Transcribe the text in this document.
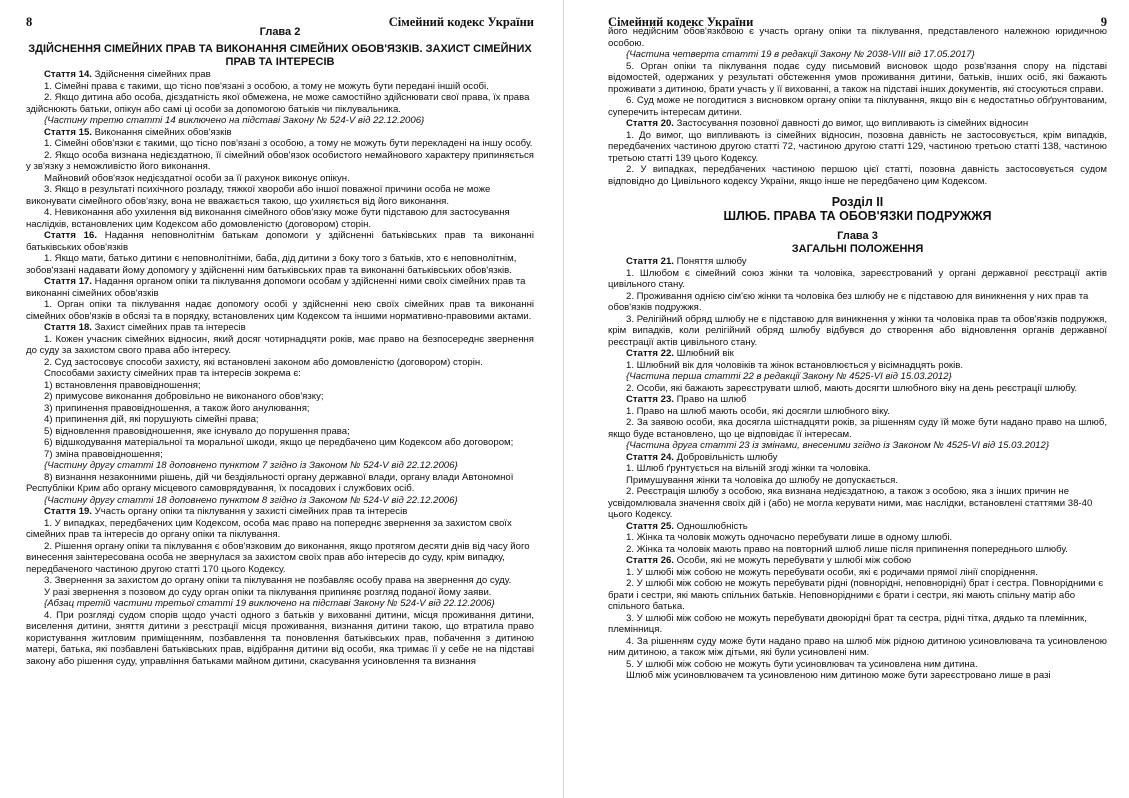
8	Сімейний кодекс України

Глава 2

ЗДІЙСНЕННЯ СІМЕЙНИХ ПРАВ ТА ВИКОНАННЯ СІМЕЙНИХ ОБОВ'ЯЗКІВ. ЗАХИСТ СІМЕЙНИХ ПРАВ ТА ІНТЕРЕСІВ

Стаття 14. Здійснення сімейних прав

1. Сімейні права є такими, що тісно пов'язані з особою, а тому не можуть бути передані іншій особі.

2. Якщо дитина або особа, дієздатність якої обмежена, не може самостійно здійснювати свої права, їх права здійснюють батьки, опікун або самі ці особи за допомогою батьків чи піклувальника.

{Частину третю статті 14 виключено на підставі Закону № 524-V від 22.12.2006}

Стаття 15. Виконання сімейних обов'язків

1. Сімейні обов'язки є такими, що тісно пов'язані з особою, а тому не можуть бути перекладені на іншу особу.

2. Якщо особа визнана недієздатною, її сімейний обов'язок особистого немайнового характеру припиняється у зв'язку з неможливістю його виконання.

Майновий обов'язок недієздатної особи за її рахунок виконує опікун.

3. Якщо в результаті психічного розладу, тяжкої хвороби або іншої поважної причини особа не може виконувати сімейного обов'язку, вона не вважається такою, що ухиляється від його виконання.

4. Невиконання або ухилення від виконання сімейного обов'язку може бути підставою для застосування наслідків, встановлених цим Кодексом або домовленістю (договором) сторін.

Стаття 16. Надання неповнолітнім батькам допомоги у здійсненні батьківських прав та виконанні батьківських обов'язків

1. Якщо мати, батько дитини є неповнолітніми, баба, дід дитини з боку того з батьків, хто є неповнолітнім, зобов'язані надавати йому допомогу у здійсненні ним батьківських прав та виконанні батьківських обов'язків.

Стаття 17. Надання органом опіки та піклування допомоги особам у здійсненні ними своїх сімейних прав та виконанні сімейних обов'язків

1. Орган опіки та піклування надає допомогу особі у здійсненні нею своїх сімейних прав та виконанні сімейних обов'язків в обсязі та в порядку, встановлених цим Кодексом та іншими нормативно-правовими актами.

Стаття 18. Захист сімейних прав та інтересів

1. Кожен учасник сімейних відносин, який досяг чотирнадцяти років, має право на безпосереднє звернення до суду за захистом свого права або інтересу.

2. Суд застосовує способи захисту, які встановлені законом або домовленістю (договором) сторін.

Способами захисту сімейних прав та інтересів зокрема є:

1) встановлення правовідношення;

2) примусове виконання добровільно не виконаного обов'язку;

3) припинення правовідношення, а також його анулювання;

4) припинення дій, які порушують сімейні права;

5) відновлення правовідношення, яке існувало до порушення права;

6) відшкодування матеріальної та моральної шкоди, якщо це передбачено цим Кодексом або договором;

7) зміна правовідношення;

{Частину другу статті 18 доповнено пунктом 7 згідно із Законом № 524-V від 22.12.2006}

8) визнання незаконними рішень, дій чи бездіяльності органу державної влади, органу влади Автономної Республіки Крим або органу місцевого самоврядування, їх посадових і службових осіб.

{Частину другу статті 18 доповнено пунктом 8 згідно із Законом № 524-V від 22.12.2006}

Стаття 19. Участь органу опіки та піклування у захисті сімейних прав та інтересів

1. У випадках, передбачених цим Кодексом, особа має право на попереднє звернення за захистом своїх сімейних прав та інтересів до органу опіки та піклування.

2. Рішення органу опіки та піклування є обов'язковим до виконання, якщо протягом десяти днів від часу його винесення заінтересована особа не звернулася за захистом своїх прав або інтересів до суду, крім випадку, передбаченого частиною другою статті 170 цього Кодексу.

3. Звернення за захистом до органу опіки та піклування не позбавляє особу права на звернення до суду.

У разі звернення з позовом до суду орган опіки та піклування припиняє розгляд поданої йому заяви.

{Абзац третій частини третьої статті 19 виключено на підставі Закону № 524-V від 22.12.2006}

4. При розгляді судом спорів щодо участі одного з батьків у вихованні дитини, місця проживання дитини, виселення дитини, зняття дитини з реєстрації місця проживання, визнання дитини такою, що втратила право користування житловим приміщенням, позбавлення та поновлення батьківських прав, побачення з дитиною матері, батька, які позбавлені батьківських прав, відібрання дитини від особи, яка тримає її у себе не на підставі закону або рішення суду, управління батьками майном дитини, скасування усиновлення та визнання

Сімейний кодекс України	9

його недійсним обов'язковою є участь органу опіки та піклування, представленого належною юридичною особою.

{Частина четверта статті 19 в редакції Закону № 2038-VIII від 17.05.2017}

5. Орган опіки та піклування подає суду письмовий висновок щодо розв'язання спору на підставі відомостей, одержаних у результаті обстеження умов проживання дитини, батьків, інших осіб, які бажають проживати з дитиною, брати участь у її вихованні, а також на підставі інших документів, які стосуються справи.

6. Суд може не погодитися з висновком органу опіки та піклування, якщо він є недостатньо обґрунтованим, суперечить інтересам дитини.

Стаття 20. Застосування позовної давності до вимог, що випливають із сімейних відносин

1. До вимог, що випливають із сімейних відносин, позовна давність не застосовується, крім випадків, передбачених частиною другою статті 72, частиною другою статті 129, частиною третьою статті 138, частиною третьою статті 139 цього Кодексу.

2. У випадках, передбачених частиною першою цієї статті, позовна давність застосовується судом відповідно до Цивільного кодексу України, якщо інше не передбачено цим Кодексом.

Розділ II

ШЛЮБ. ПРАВА ТА ОБОВ'ЯЗКИ ПОДРУЖЖЯ

Глава 3

ЗАГАЛЬНІ ПОЛОЖЕННЯ

Стаття 21. Поняття шлюбу

1. Шлюбом є сімейний союз жінки та чоловіка, зареєстрований у органі державної реєстрації актів цивільного стану.

2. Проживання однією сім'єю жінки та чоловіка без шлюбу не є підставою для виникнення у них прав та обов'язків подружжя.

3. Релігійний обряд шлюбу не є підставою для виникнення у жінки та чоловіка прав та обов'язків подружжя, крім випадків, коли релігійний обряд шлюбу відбувся до створення або відновлення органів державної реєстрації актів цивільного стану.

Стаття 22. Шлюбний вік

1. Шлюбний вік для чоловіків та жінок встановлюється у вісімнадцять років.

{Частина перша статті 22 в редакції Закону № 4525-VI від 15.03.2012}

2. Особи, які бажають зареєструвати шлюб, мають досягти шлюбного віку на день реєстрації шлюбу.

Стаття 23. Право на шлюб

1. Право на шлюб мають особи, які досягли шлюбного віку.

2. За заявою особи, яка досягла шістнадцяти років, за рішенням суду їй може бути надано право на шлюб, якщо буде встановлено, що це відповідає її інтересам.

{Частина друга статті 23 із змінами, внесеними згідно із Законом № 4525-VI від 15.03.2012}

Стаття 24. Добровільність шлюбу

1. Шлюб ґрунтується на вільній згоді жінки та чоловіка.

Примушування жінки та чоловіка до шлюбу не допускається.

2. Реєстрація шлюбу з особою, яка визнана недієздатною, а також з особою, яка з інших причин не усвідомлювала значення своїх дій і (або) не могла керувати ними, має наслідки, встановлені статтями 38-40 цього Кодексу.

Стаття 25. Одношлюбність

1. Жінка та чоловік можуть одночасно перебувати лише в одному шлюбі.

2. Жінка та чоловік мають право на повторний шлюб лише після припинення попереднього шлюбу.

Стаття 26. Особи, які не можуть перебувати у шлюбі між собою

1. У шлюбі між собою не можуть перебувати особи, які є родичами прямої лінії споріднення.

2. У шлюбі між собою не можуть перебувати рідні (повнорідні, неповнорідні) брат і сестра. Повнорідними є брати і сестри, які мають спільних батьків. Неповнорідними є брати і сестри, які мають спільну матір або спільного батька.

3. У шлюбі між собою не можуть перебувати двоюрідні брат та сестра, рідні тітка, дядько та племінник, племінниця.

4. За рішенням суду може бути надано право на шлюб між рідною дитиною усиновлювача та усиновленою ним дитиною, а також між дітьми, які були усиновлені ним.

5. У шлюбі між собою не можуть бути усиновлювач та усиновлена ним дитина.

Шлюб між усиновлювачем та усиновленою ним дитиною може бути зареєстровано лише в разі
